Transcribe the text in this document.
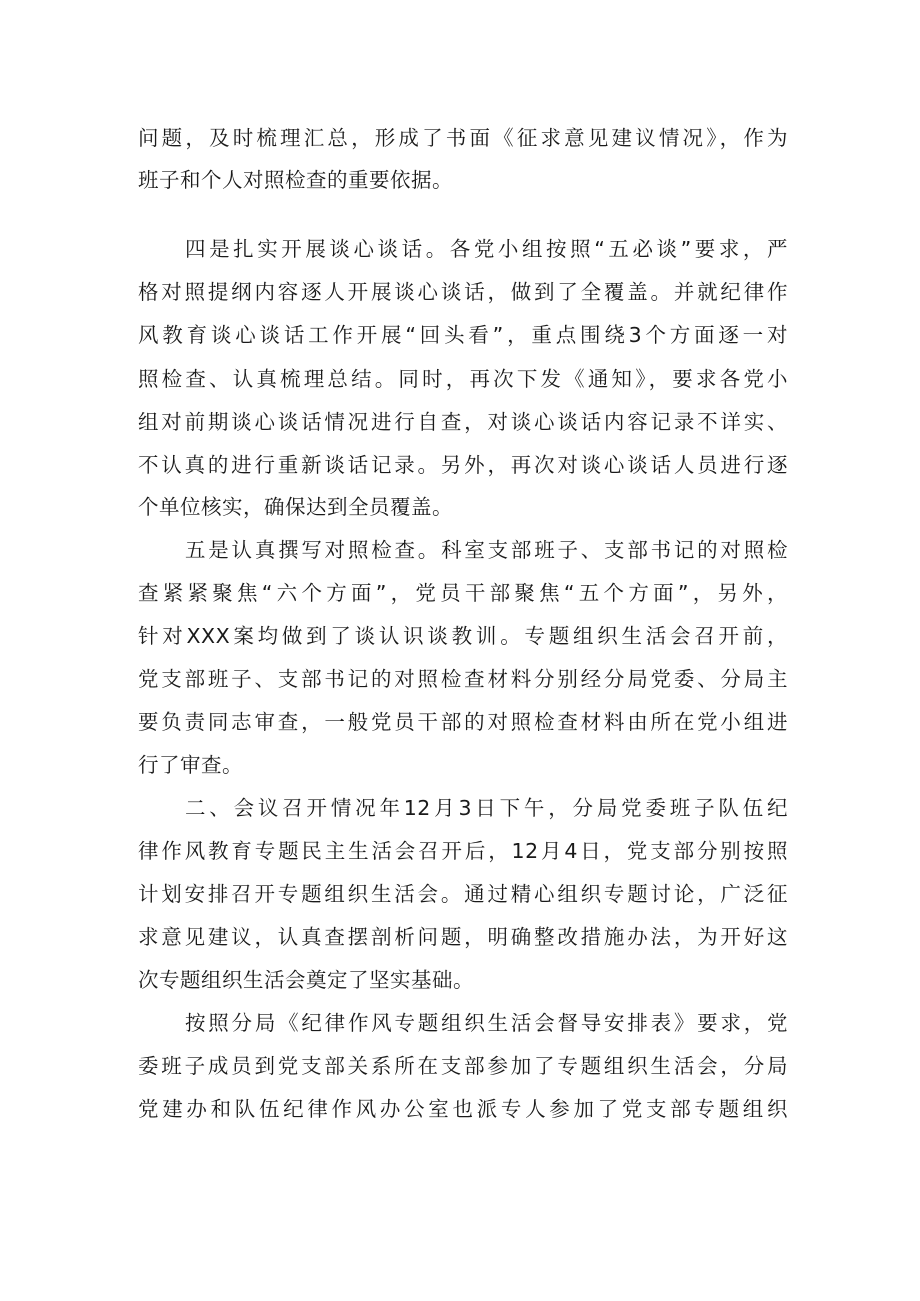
问题，及时梳理汇总，形成了书面《征求意见建议情况》，作为
班子和个人对照检查的重要依据。
四是扎实开展谈心谈话。各党小组按照“五必谈”要求，严
格对照提纲内容逐人开展谈心谈话，做到了全覆盖。并就纪律作
风教育谈心谈话工作开展“回头看”，重点围绕3个方面逐一对
照检查、认真梳理总结。同时，再次下发《通知》，要求各党小
组对前期谈心谈话情况进行自查，对谈心谈话内容记录不详实、
不认真的进行重新谈话记录。另外，再次对谈心谈话人员进行逐
个单位核实，确保达到全员覆盖。
五是认真撰写对照检查。科室支部班子、支部书记的对照检
查紧紧聚焦“六个方面”，党员干部聚焦“五个方面”，另外，
针对XXX案均做到了谈认识谈教训。专题组织生活会召开前，
党支部班子、支部书记的对照检查材料分别经分局党委、分局主
要负责同志审查，一般党员干部的对照检查材料由所在党小组进
行了审查。
二、会议召开情况年12月3日下午，分局党委班子队伍纪
律作风教育专题民主生活会召开后，12月4日，党支部分别按照
计划安排召开专题组织生活会。通过精心组织专题讨论，广泛征
求意见建议，认真查摆剖析问题，明确整改措施办法，为开好这
次专题组织生活会奠定了坚实基础。
按照分局《纪律作风专题组织生活会督导安排表》要求，党
委班子成员到党支部关系所在支部参加了专题组织生活会，分局
党建办和队伍纪律作风办公室也派专人参加了党支部专题组织
